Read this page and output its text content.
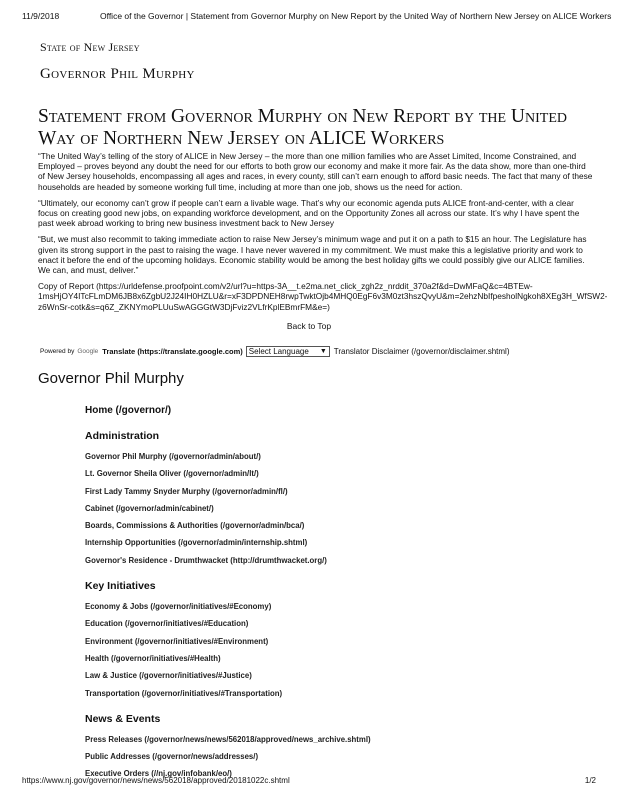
11/9/2018	Office of the Governor | Statement from Governor Murphy on New Report by the United Way of Northern New Jersey on ALICE Workers
State of New Jersey
Governor Phil Murphy
Statement from Governor Murphy on New Report by the United Way of Northern New Jersey on ALICE Workers

“The United Way’s telling of the story of ALICE in New Jersey – the more than one million families who are Asset Limited, Income Constrained, and Employed – proves beyond any doubt the need for our efforts to both grow our economy and make it more fair. As the data show, more than one-third of New Jersey households, encompassing all ages and races, in every county, still can’t earn enough to afford basic needs. The fact that many of these households are headed by someone working full time, including at more than one job, shows us the need for action.

“Ultimately, our economy can’t grow if people can’t earn a livable wage. That’s why our economic agenda puts ALICE front-and-center, with a clear focus on creating good new jobs, on expanding workforce development, and on the Opportunity Zones all across our state. It’s why I have spent the past week abroad working to bring new business investment back to New Jersey

“But, we must also recommit to taking immediate action to raise New Jersey’s minimum wage and put it on a path to $15 an hour. The Legislature has given its strong support in the past to raising the wage. I have never wavered in my commitment. We must make this a legislative priority and work to enact it before the end of the upcoming holidays. Economic stability would be among the best holiday gifts we could possibly give our ALICE families. We can, and must, deliver.”

Copy of Report (https://urldefense.proofpoint.com/v2/url?u=https-3A__t.e2ma.net_click_zgh2z_nrddit_370a2f&d=DwMFaQ&c=4BTEw-1msHjOY4ITcFLmDM6JB8x6ZgbU2J24IH0HZLU&r=xF3DPDNEH8rwpTwktOjb4MHQ0EgF6v3M0zt3hszQvyU&m=2ehzNbIfpesholNgkoh8XEg3H_WfSW2-z6WnSr-cotk&s=q6Z_ZKNYmoPLUuSwAGGGtW3DjFviz2VLfrKplEBmrFM&e=)

Back to Top
Powered by Google Translate (https://translate.google.com) Select Language ▼ Translator Disclaimer (/governor/disclaimer.shtml)
Governor Phil Murphy
Home (/governor/)
Administration
Governor Phil Murphy (/governor/admin/about/)
Lt. Governor Sheila Oliver (/governor/admin/lt/)
First Lady Tammy Snyder Murphy (/governor/admin/fl/)
Cabinet (/governor/admin/cabinet/)
Boards, Commissions & Authorities (/governor/admin/bca/)
Internship Opportunities (/governor/admin/internship.shtml)
Governor's Residence - Drumthwacket (http://drumthwacket.org/)
Key Initiatives
Economy & Jobs (/governor/initiatives/#Economy)
Education (/governor/initiatives/#Education)
Environment (/governor/initiatives/#Environment)
Health (/governor/initiatives/#Health)
Law & Justice (/governor/initiatives/#Justice)
Transportation (/governor/initiatives/#Transportation)
News & Events
Press Releases (/governor/news/news/562018/approved/news_archive.shtml)
Public Addresses (/governor/news/addresses/)
Executive Orders (//nj.gov/infobank/eo/)
https://www.nj.gov/governor/news/news/562018/approved/20181022c.shtml	1/2
